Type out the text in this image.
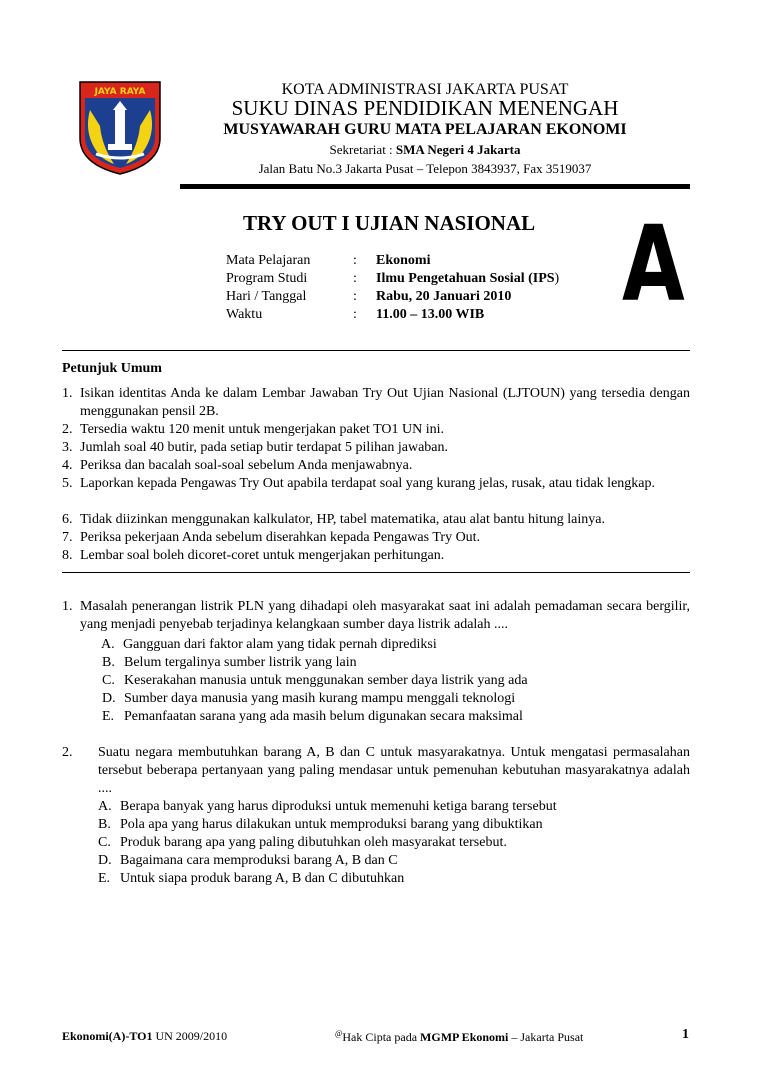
JAYA RAYA	KOTA ADMINISTRASI JAKARTA PUSAT
SUKU DINAS PENDIDIKAN MENENGAH
MUSYAWARAH GURU MATA PELAJARAN EKONOMI
Sekretariat : SMA Negeri 4 Jakarta
Jalan Batu No.3 Jakarta Pusat – Telepon 3843937, Fax 3519037
TRY OUT I UJIAN NASIONAL
Mata Pelajaran	: Ekonomi
Program Studi	: Ilmu Pengetahuan Sosial (IPS)
Hari / Tanggal	: Rabu, 20 Januari 2010
Waktu	: 11.00 – 13.00 WIB A
Petunjuk Umum
1. Isikan identitas Anda ke dalam Lembar Jawaban Try Out Ujian Nasional (LJTOUN) yang tersedia dengan menggunakan pensil 2B.
2. Tersedia waktu 120 menit untuk mengerjakan paket TO1 UN ini.
3. Jumlah soal 40 butir, pada setiap butir terdapat 5 pilihan jawaban.
4. Periksa dan bacalah soal-soal sebelum Anda menjawabnya.
5. Laporkan kepada Pengawas Try Out apabila terdapat soal yang kurang jelas, rusak, atau tidak lengkap.
6. Tidak diizinkan menggunakan kalkulator, HP, tabel matematika, atau alat bantu hitung lainya.
7. Periksa pekerjaan Anda sebelum diserahkan kepada Pengawas Try Out.
8. Lembar soal boleh dicoret-coret untuk mengerjakan perhitungan.
1. Masalah penerangan listrik PLN yang dihadapi oleh masyarakat saat ini adalah pemadaman secara bergilir, yang menjadi penyebab terjadinya kelangkaan sumber daya listrik adalah ....
A. Gangguan dari faktor alam yang tidak pernah diprediksi
B. Belum tergalinya sumber listrik yang lain
C. Keserakahan manusia untuk menggunakan sember daya listrik yang ada
D. Sumber daya manusia yang masih kurang mampu menggali teknologi
E. Pemanfaatan sarana yang ada masih belum digunakan secara maksimal
2. Suatu negara membutuhkan barang A, B dan C untuk masyarakatnya. Untuk mengatasi permasalahan tersebut beberapa pertanyaan yang paling mendasar untuk pemenuhan kebutuhan masyarakatnya adalah ....
A. Berapa banyak yang harus diproduksi untuk memenuhi ketiga barang tersebut
B. Pola apa yang harus dilakukan untuk memproduksi barang yang dibuktikan
C. Produk barang apa yang paling dibutuhkan oleh masyarakat tersebut.
D. Bagaimana cara memproduksi barang A, B dan C
E. Untuk siapa produk barang A, B dan C dibutuhkan
Ekonomi(A)-TO1 UN 2009/2010	@Hak Cipta pada MGMP Ekonomi – Jakarta Pusat	1
